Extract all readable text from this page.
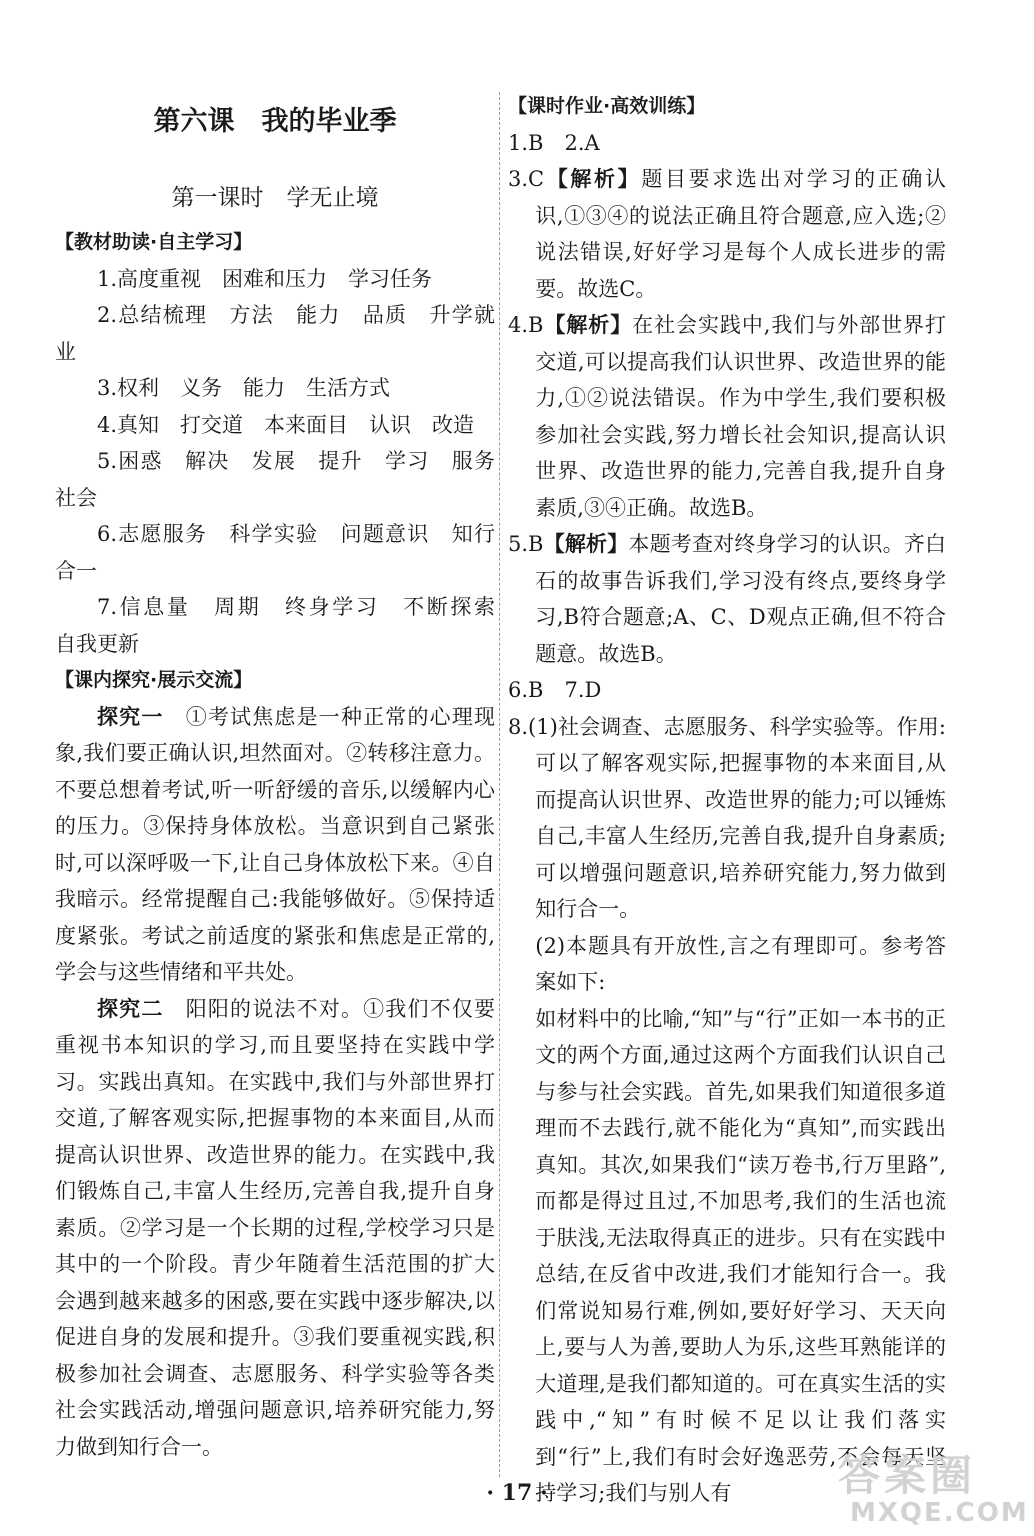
第六课　我的毕业季
第一课时　学无止境
【教材助读·自主学习】

1.高度重视　困难和压力　学习任务

2.总结梳理　方法　能力　品质　升学就业

3.权利　义务　能力　生活方式

4.真知　打交道　本来面目　认识　改造

5.困惑　解决　发展　提升　学习　服务社会

6.志愿服务　科学实验　问题意识　知行合一

7.信息量　周期　终身学习　不断探索　自我更新

【课内探究·展示交流】

探究一　①考试焦虑是一种正常的心理现象,我们要正确认识,坦然面对。②转移注意力。不要总想着考试,听一听舒缓的音乐,以缓解内心的压力。③保持身体放松。当意识到自己紧张时,可以深呼吸一下,让自己身体放松下来。④自我暗示。经常提醒自己:我能够做好。⑤保持适度紧张。考试之前适度的紧张和焦虑是正常的,学会与这些情绪和平共处。

探究二　阳阳的说法不对。①我们不仅要重视书本知识的学习,而且要坚持在实践中学习。实践出真知。在实践中,我们与外部世界打交道,了解客观实际,把握事物的本来面目,从而提高认识世界、改造世界的能力。在实践中,我们锻炼自己,丰富人生经历,完善自我,提升自身素质。②学习是一个长期的过程,学校学习只是其中的一个阶段。青少年随着生活范围的扩大会遇到越来越多的困惑,要在实践中逐步解决,以促进自身的发展和提升。③我们要重视实践,积极参加社会调查、志愿服务、科学实验等各类社会实践活动,增强问题意识,培养研究能力,努力做到知行合一。

【课时作业·高效训练】

1.B　2.A

3.C【解析】题目要求选出对学习的正确认识,①③④的说法正确且符合题意,应入选;②说法错误,好好学习是每个人成长进步的需要。故选C。

4.B【解析】在社会实践中,我们与外部世界打交道,可以提高我们认识世界、改造世界的能力,①②说法错误。作为中学生,我们要积极参加社会实践,努力增长社会知识,提高认识世界、改造世界的能力,完善自我,提升自身素质,③④正确。故选B。

5.B【解析】本题考查对终身学习的认识。齐白石的故事告诉我们,学习没有终点,要终身学习,B符合题意;A、C、D观点正确,但不符合题意。故选B。

6.B　7.D

8.(1)社会调查、志愿服务、科学实验等。作用:可以了解客观实际,把握事物的本来面目,从而提高认识世界、改造世界的能力;可以锤炼自己,丰富人生经历,完善自我,提升自身素质;可以增强问题意识,培养研究能力,努力做到知行合一。

(2)本题具有开放性,言之有理即可。参考答案如下:

如材料中的比喻,“知”与“行”正如一本书的正文的两个方面,通过这两个方面我们认识自己与参与社会实践。首先,如果我们知道很多道理而不去践行,就不能化为“真知”,而实践出真知。其次,如果我们“读万卷书,行万里路”,而都是得过且过,不加思考,我们的生活也流于肤浅,无法取得真正的进步。只有在实践中总结,在反省中改进,我们才能知行合一。我们常说知易行难,例如,要好好学习、天天向上,要与人为善,要助人为乐,这些耳熟能详的大道理,是我们都知道的。可在真实生活的实践中,“知”有时候不足以让我们落实到“行”上,我们有时会好逸恶劳,不会每天坚持学习;我们与别人有

· 17 ·	答案圈
MXQE.COM
